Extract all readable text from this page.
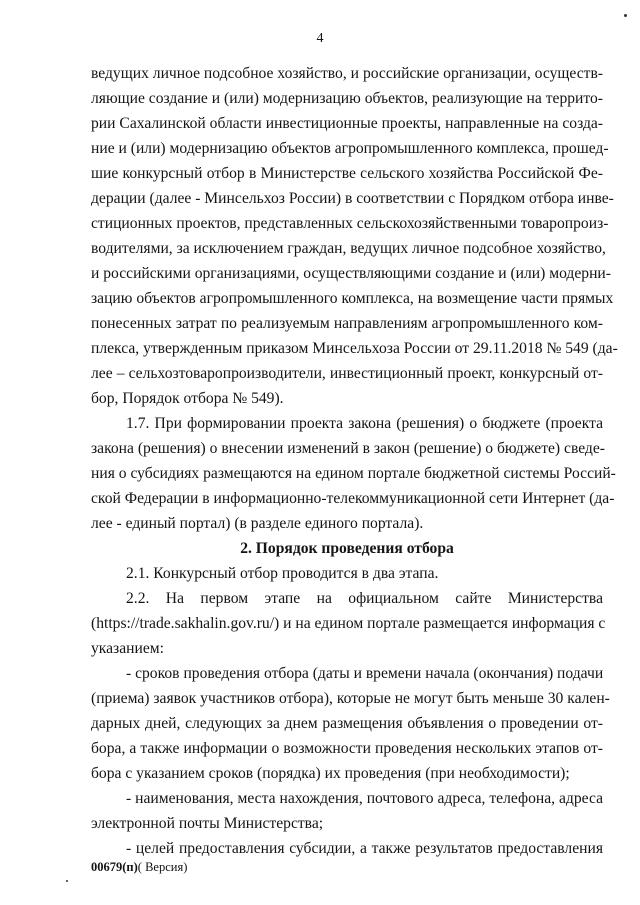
4
ведущих личное подсобное хозяйство, и российские организации, осуществ-
ляющие создание и (или) модернизацию объектов, реализующие на террито-
рии Сахалинской области инвестиционные проекты, направленные на созда-
ние и (или) модернизацию объектов агропромышленного комплекса, прошед-
шие конкурсный отбор в Министерстве сельского хозяйства Российской Фе-
дерации (далее - Минсельхоз России) в соответствии с Порядком отбора инве-
стиционных проектов, представленных сельскохозяйственными товаропроиз-
водителями, за исключением граждан, ведущих личное подсобное хозяйство,
и российскими организациями, осуществляющими создание и (или) модерни-
зацию объектов агропромышленного комплекса, на возмещение части прямых
понесенных затрат по реализуемым направлениям агропромышленного ком-
плекса, утвержденным приказом Минсельхоза России от 29.11.2018 № 549 (да-
лее – сельхозтоваропроизводители, инвестиционный проект, конкурсный от-
бор, Порядок отбора № 549).
1.7. При формировании проекта закона (решения) о бюджете (проекта
закона (решения) о внесении изменений в закон (решение) о бюджете) сведе-
ния о субсидиях размещаются на едином портале бюджетной системы Россий-
ской Федерации в информационно-телекоммуникационной сети Интернет (да-
лее - единый портал) (в разделе единого портала).
2. Порядок проведения отбора
2.1. Конкурсный отбор проводится в два этапа.
2.2. На первом этапе на официальном сайте Министерства
(https://trade.sakhalin.gov.ru/) и на едином портале размещается информация с
указанием:
- сроков проведения отбора (даты и времени начала (окончания) подачи
(приема) заявок участников отбора), которые не могут быть меньше 30 кален-
дарных дней, следующих за днем размещения объявления о проведении от-
бора, а также информации о возможности проведения нескольких этапов от-
бора с указанием сроков (порядка) их проведения (при необходимости);
- наименования, места нахождения, почтового адреса, телефона, адреса
электронной почты Министерства;
- целей предоставления субсидии, а также результатов предоставления
00679(п)( Версия)
